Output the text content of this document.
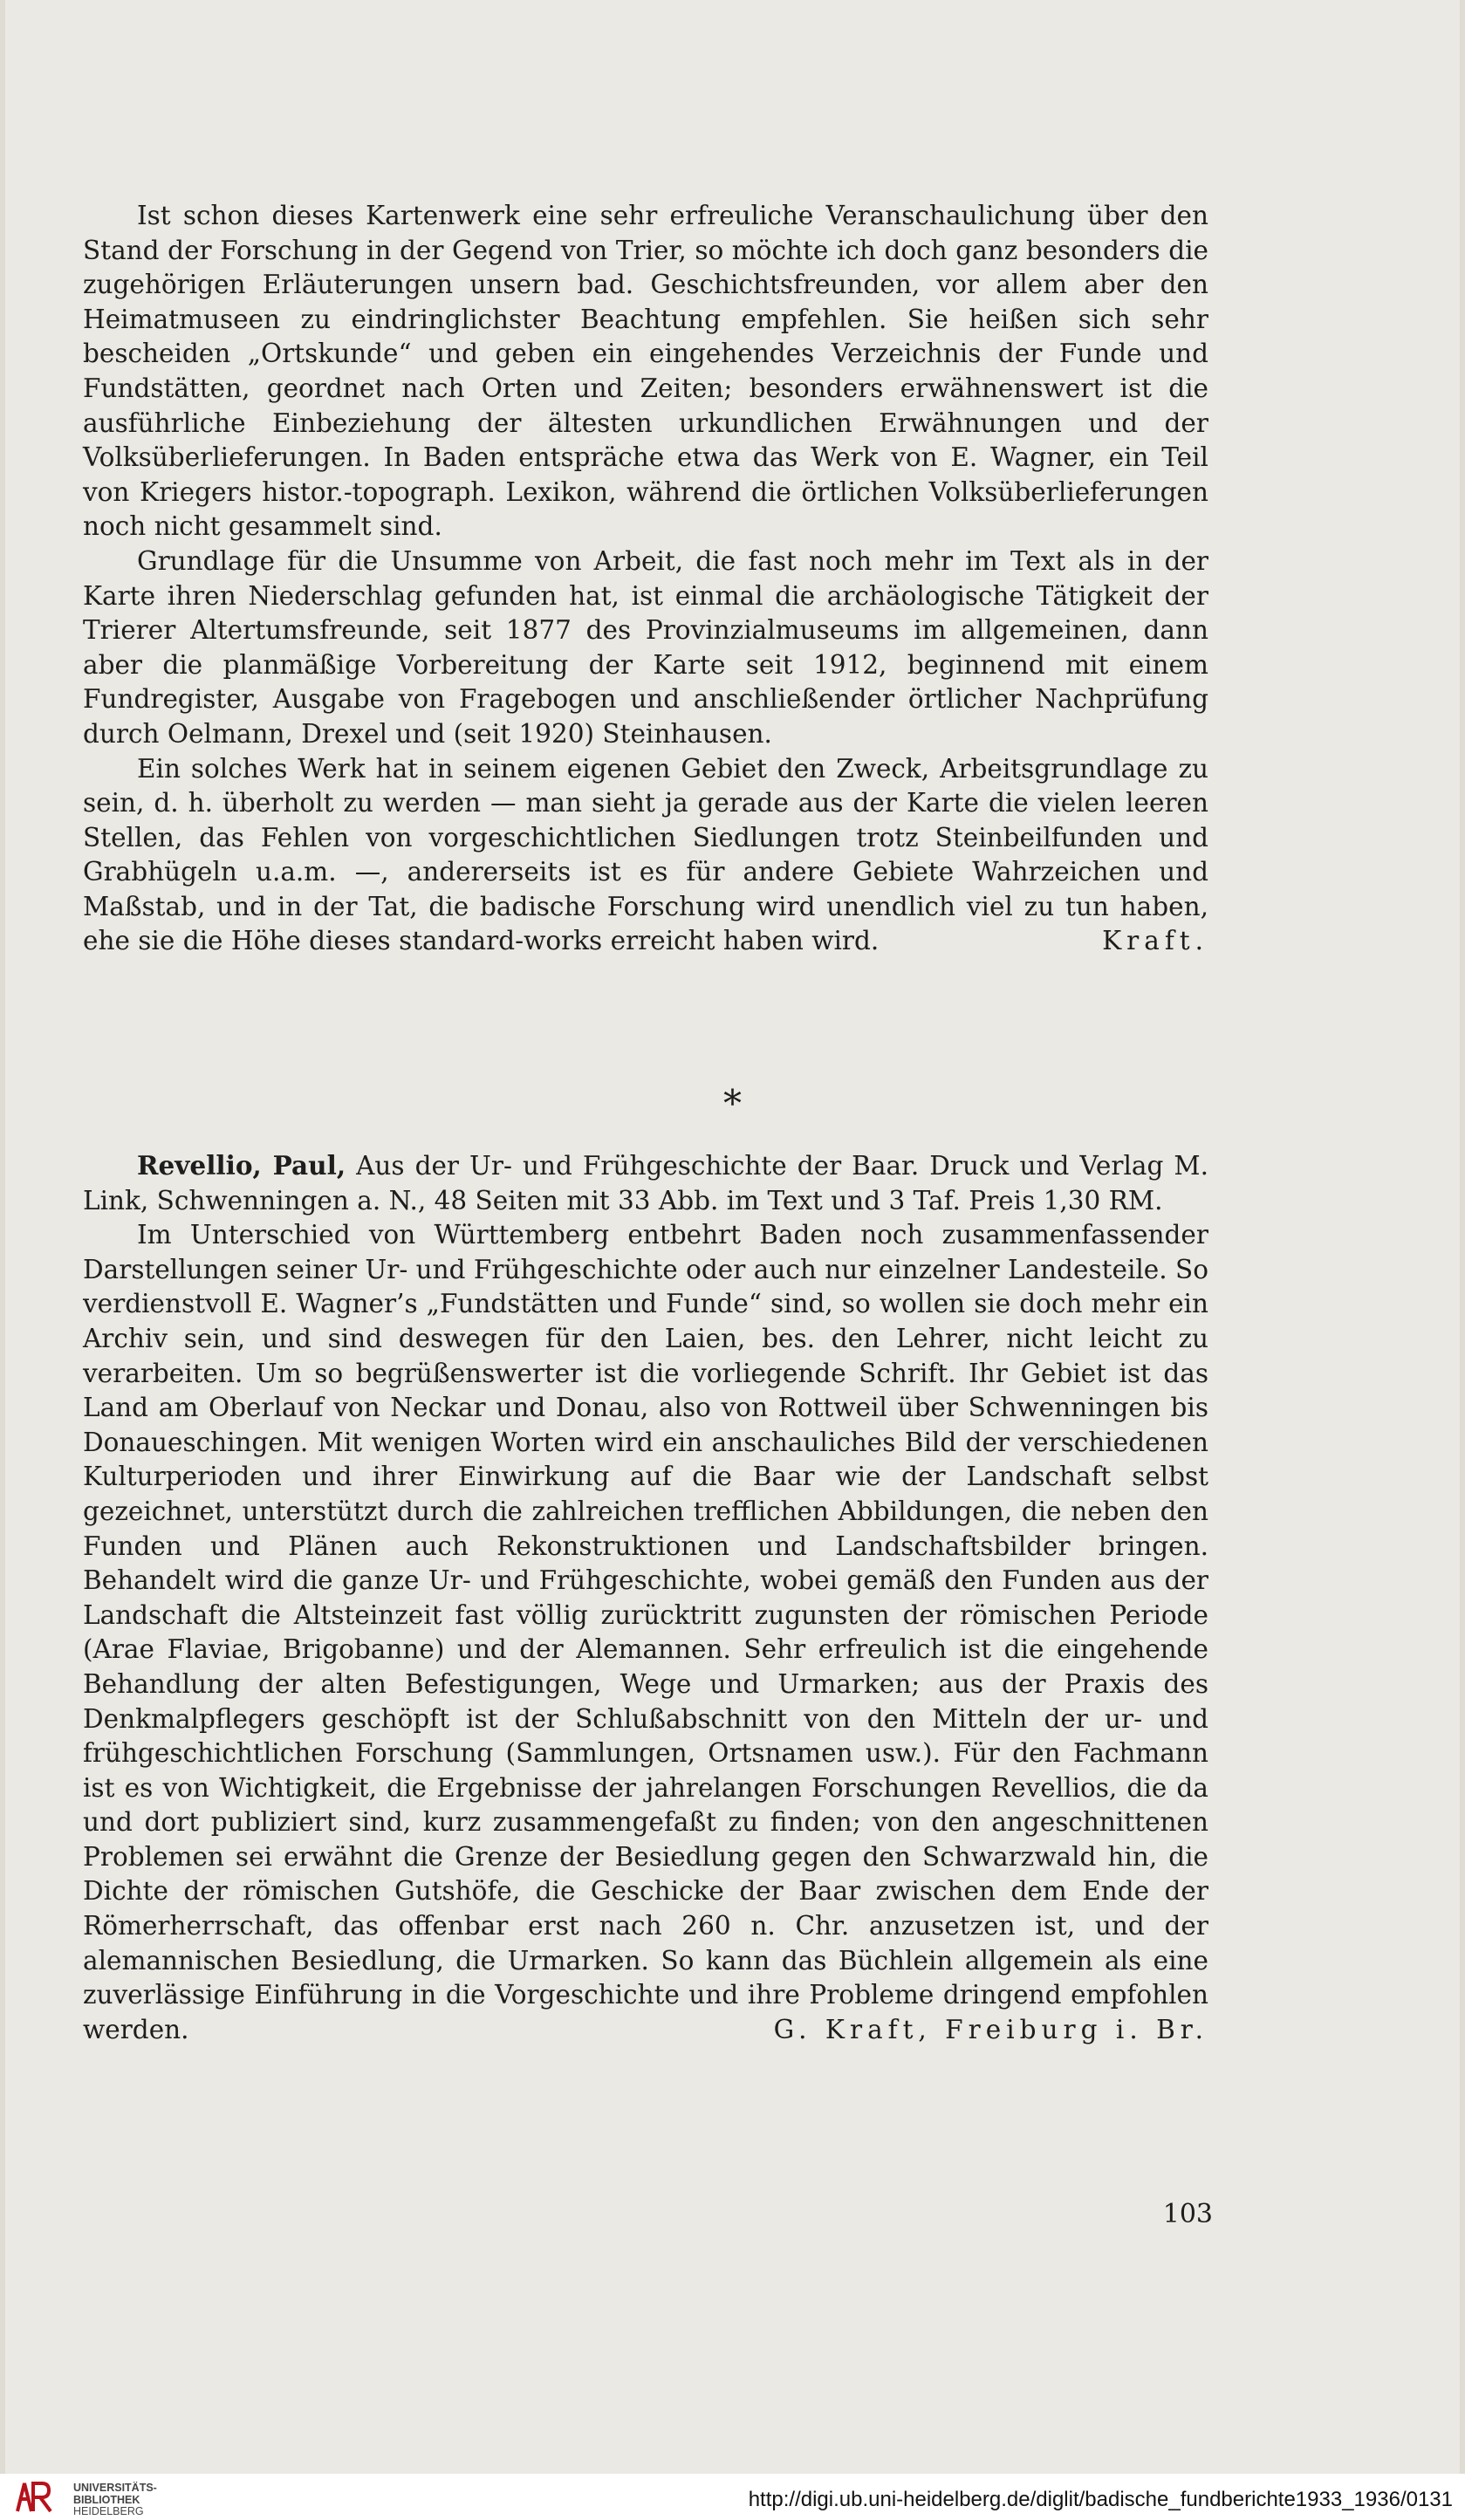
Ist schon dieses Kartenwerk eine sehr erfreuliche Veranschaulichung über den Stand der Forschung in der Gegend von Trier, so möchte ich doch ganz besonders die zugehörigen Erläuterungen unsern bad. Geschichtsfreunden, vor allem aber den Heimatmuseen zu eindringlichster Beachtung empfehlen. Sie heißen sich sehr bescheiden „Ortskunde“ und geben ein eingehendes Verzeichnis der Funde und Fundstätten, geordnet nach Orten und Zeiten; besonders erwähnenswert ist die ausführliche Einbeziehung der ältesten urkundlichen Erwähnungen und der Volksüberlieferungen. In Baden entspräche etwa das Werk von E. Wagner, ein Teil von Kriegers histor.-topograph. Lexikon, während die örtlichen Volksüberlieferungen noch nicht gesammelt sind.

Grundlage für die Unsumme von Arbeit, die fast noch mehr im Text als in der Karte ihren Niederschlag gefunden hat, ist einmal die archäologische Tätigkeit der Trierer Altertumsfreunde, seit 1877 des Provinzialmuseums im allgemeinen, dann aber die planmäßige Vorbereitung der Karte seit 1912, beginnend mit einem Fundregister, Ausgabe von Fragebogen und anschließender örtlicher Nachprüfung durch Oelmann, Drexel und (seit 1920) Steinhausen.

Ein solches Werk hat in seinem eigenen Gebiet den Zweck, Arbeitsgrundlage zu sein, d. h. überholt zu werden — man sieht ja gerade aus der Karte die vielen leeren Stellen, das Fehlen von vorgeschichtlichen Siedlungen trotz Steinbeilfunden und Grabhügeln u.a.m. —, andererseits ist es für andere Gebiete Wahrzeichen und Maßstab, und in der Tat, die badische Forschung wird unendlich viel zu tun haben, ehe sie die Höhe dieses standard-works erreicht haben wird.	Kraft.

*

Revellio, Paul, Aus der Ur- und Frühgeschichte der Baar. Druck und Verlag M. Link, Schwenningen a. N., 48 Seiten mit 33 Abb. im Text und 3 Taf. Preis 1,30 RM.

Im Unterschied von Württemberg entbehrt Baden noch zusammenfassender Darstellungen seiner Ur- und Frühgeschichte oder auch nur einzelner Landesteile. So verdienstvoll E. Wagner’s „Fundstätten und Funde“ sind, so wollen sie doch mehr ein Archiv sein, und sind deswegen für den Laien, bes. den Lehrer, nicht leicht zu verarbeiten. Um so begrüßenswerter ist die vorliegende Schrift. Ihr Gebiet ist das Land am Oberlauf von Neckar und Donau, also von Rottweil über Schwenningen bis Donaueschingen. Mit wenigen Worten wird ein anschauliches Bild der verschiedenen Kulturperioden und ihrer Einwirkung auf die Baar wie der Landschaft selbst gezeichnet, unterstützt durch die zahlreichen trefflichen Abbildungen, die neben den Funden und Plänen auch Rekonstruktionen und Landschaftsbilder bringen. Behandelt wird die ganze Ur- und Frühgeschichte, wobei gemäß den Funden aus der Landschaft die Altsteinzeit fast völlig zurücktritt zugunsten der römischen Periode (Arae Flaviae, Brigobanne) und der Alemannen. Sehr erfreulich ist die eingehende Behandlung der alten Befestigungen, Wege und Urmarken; aus der Praxis des Denkmalpflegers geschöpft ist der Schlußabschnitt von den Mitteln der ur- und frühgeschichtlichen Forschung (Sammlungen, Ortsnamen usw.). Für den Fachmann ist es von Wichtigkeit, die Ergebnisse der jahrelangen Forschungen Revellios, die da und dort publiziert sind, kurz zusammengefaßt zu finden; von den angeschnittenen Problemen sei erwähnt die Grenze der Besiedlung gegen den Schwarzwald hin, die Dichte der römischen Gutshöfe, die Geschicke der Baar zwischen dem Ende der Römerherrschaft, das offenbar erst nach 260 n. Chr. anzusetzen ist, und der alemannischen Besiedlung, die Urmarken. So kann das Büchlein allgemein als eine zuverlässige Einführung in die Vorgeschichte und ihre Probleme dringend empfohlen werden.	G. Kraft, Freiburg i. Br.

103
UNIVERSITÄTS-
BIBLIOTHEK
HEIDELBERG	http://digi.ub.uni-heidelberg.de/diglit/badische_fundberichte1933_1936/0131
